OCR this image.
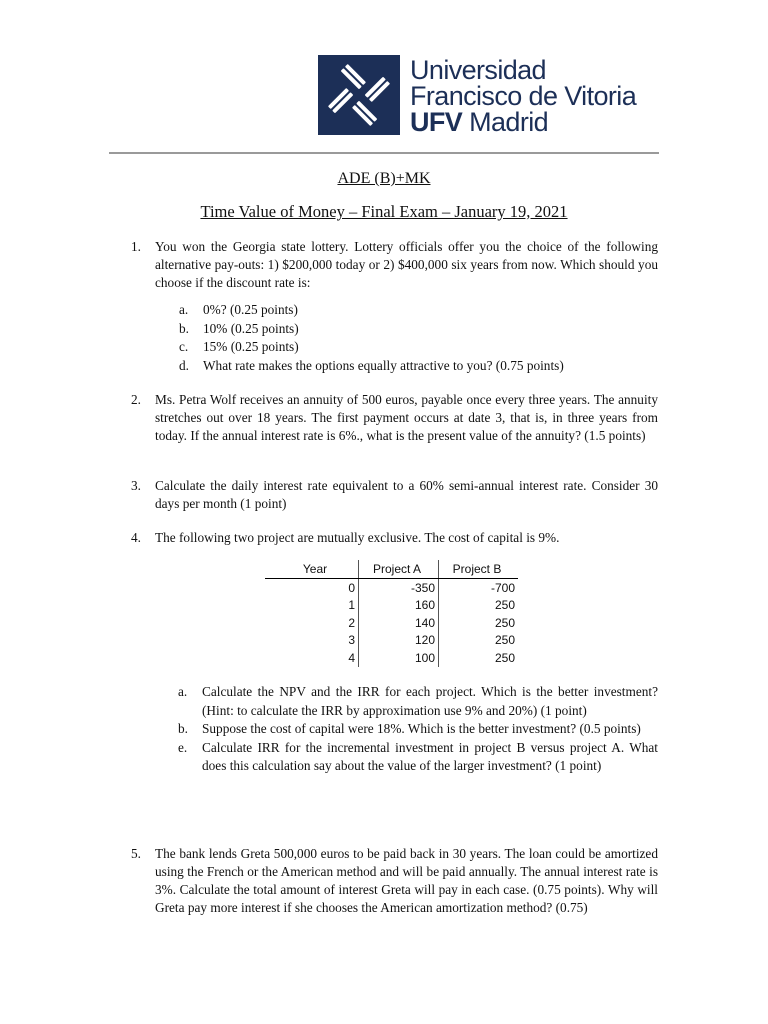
Universidad
Francisco de Vitoria
UFV Madrid
ADE (B)+MK
Time Value of Money – Final Exam – January 19, 2021
1. You won the Georgia state lottery. Lottery officials offer you the choice of the following alternative pay-outs: 1) $200,000 today or 2) $400,000 six years from now. Which should you choose if the discount rate is:
a. 0%? (0.25 points)
b. 10% (0.25 points)
c. 15% (0.25 points)
d. What rate makes the options equally attractive to you? (0.75 points)
2. Ms. Petra Wolf receives an annuity of 500 euros, payable once every three years. The annuity stretches out over 18 years. The first payment occurs at date 3, that is, in three years from today. If the annual interest rate is 6%., what is the present value of the annuity? (1.5 points)
3. Calculate the daily interest rate equivalent to a 60% semi-annual interest rate. Consider 30 days per month (1 point)
4. The following two project are mutually exclusive. The cost of capital is 9%.
Year	Project A	Project B
0	-350	-700
1	160	250
2	140	250
3	120	250
4	100	250
a. Calculate the NPV and the IRR for each project. Which is the better investment? (Hint: to calculate the IRR by approximation use 9% and 20%) (1 point)
b. Suppose the cost of capital were 18%. Which is the better investment? (0.5 points)
e. Calculate IRR for the incremental investment in project B versus project A. What does this calculation say about the value of the larger investment? (1 point)
5. The bank lends Greta 500,000 euros to be paid back in 30 years. The loan could be amortized using the French or the American method and will be paid annually. The annual interest rate is 3%. Calculate the total amount of interest Greta will pay in each case. (0.75 points). Why will Greta pay more interest if she chooses the American amortization method? (0.75)
